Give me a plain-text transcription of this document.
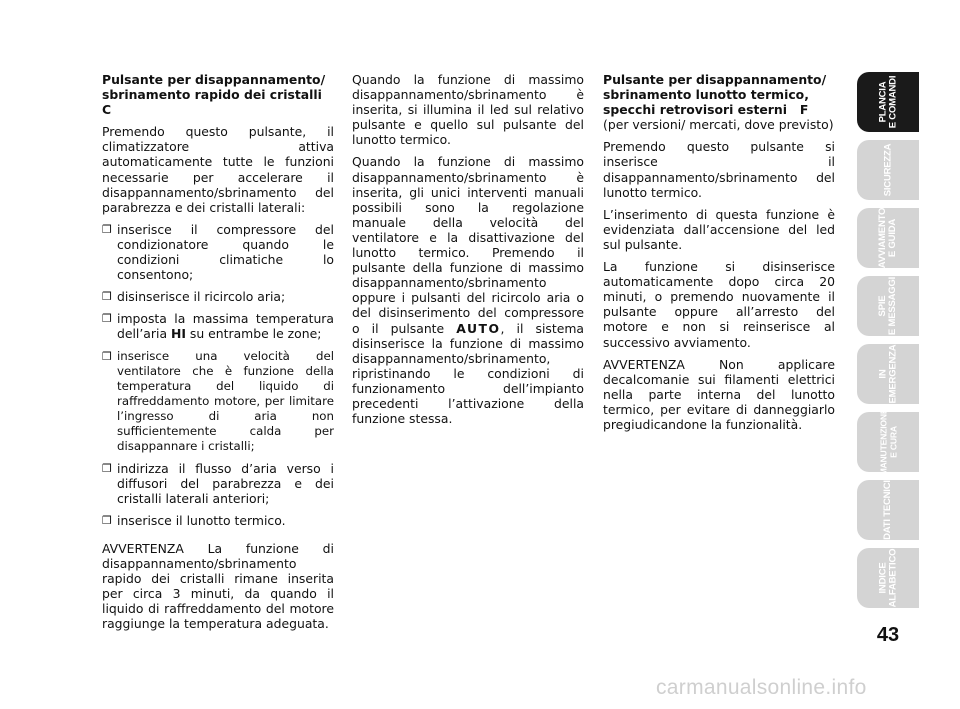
Pulsante per disappannamento/
sbrinamento rapido dei cristalli C

Premendo questo pulsante, il climatizzatore attiva automaticamente tutte le funzioni necessarie per accelerare il disappannamento/sbrinamento del parabrezza e dei cristalli laterali:

❒ inserisce il compressore del condizionatore quando le condizioni climatiche lo consentono;
❒ disinserisce il ricircolo aria;
❒ imposta la massima temperatura dell’aria HI su entrambe le zone;
❒ inserisce una velocità del ventilatore che è funzione della temperatura del liquido di raffreddamento motore, per limitare l’ingresso di aria non sufficientemente calda per disappannare i cristalli;
❒ indirizza il flusso d’aria verso i diffusori del parabrezza e dei cristalli laterali anteriori;
❒ inserisce il lunotto termico.

AVVERTENZA La funzione di disappannamento/sbrinamento rapido dei cristalli rimane inserita per circa 3 minuti, da quando il liquido di raffreddamento del motore raggiunge la temperatura adeguata.

Quando la funzione di massimo disappannamento/sbrinamento è inserita, si illumina il led sul relativo pulsante e quello sul pulsante del lunotto termico.

Quando la funzione di massimo disappannamento/sbrinamento è inserita, gli unici interventi manuali possibili sono la regolazione manuale della velocità del ventilatore e la disattivazione del lunotto termico. Premendo il pulsante della funzione di massimo disappannamento/sbrinamento oppure i pulsanti del ricircolo aria o del disinserimento del compressore o il pulsante AUTO, il sistema disinserisce la funzione di massimo disappannamento/sbrinamento, ripristinando le condizioni di funzionamento dell’impianto precedenti l’attivazione della funzione stessa.

Pulsante per disappannamento/
sbrinamento lunotto termico,
specchi retrovisori esterni   F

(per versioni/ mercati, dove previsto)

Premendo questo pulsante si inserisce il disappannamento/sbrinamento del lunotto termico.

L’inserimento di questa funzione è evidenziata dall’accensione del led sul pulsante.

La funzione si disinserisce automaticamente dopo circa 20 minuti, o premendo nuovamente il pulsante oppure all’arresto del motore e non si reinserisce al successivo avviamento.

AVVERTENZA Non applicare decalcomanie sui filamenti elettrici nella parte interna del lunotto termico, per evitare di danneggiarlo pregiudicandone la funzionalità.

PLANCIA
E COMANDI
SICUREZZA
AVVIAMENTO
E GUIDA
SPIE
E MESSAGGI
IN
EMERGENZA
MANUTENZIONE
E CURA
DATI TECNICI
INDICE
ALFABETICO
43
carmanualsonline.info
